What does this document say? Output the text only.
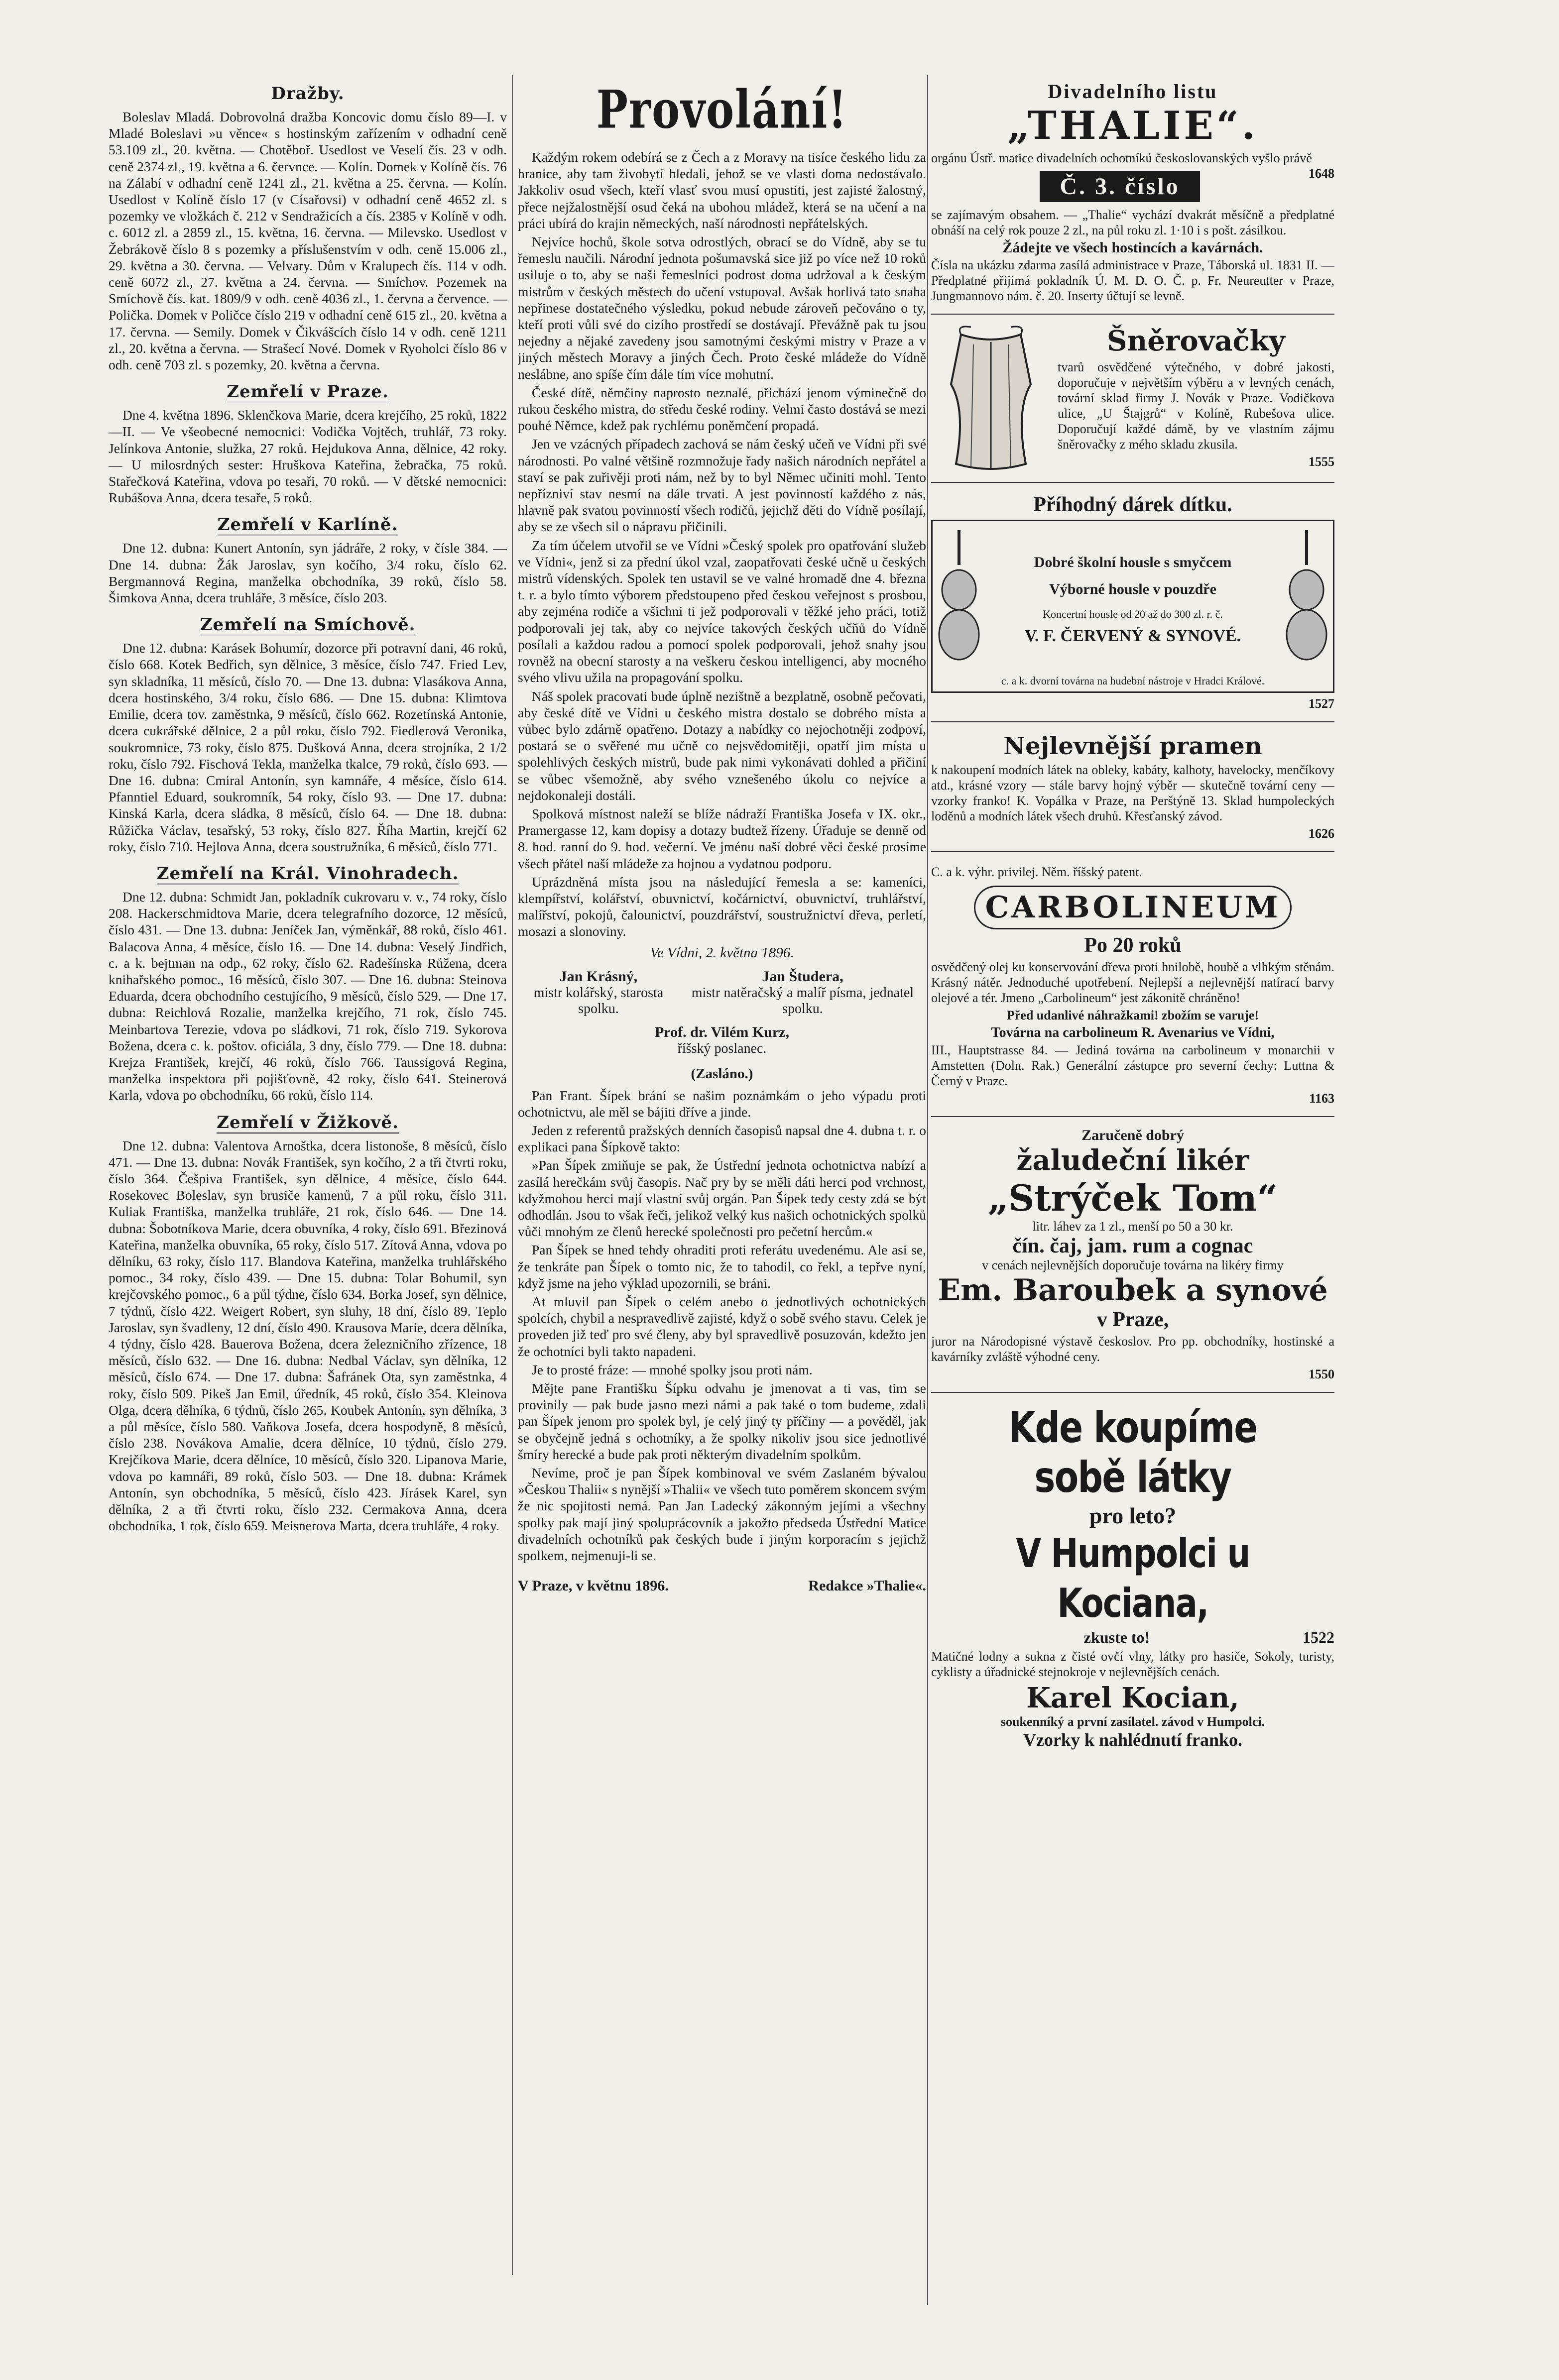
Dražby.

Boleslav Mladá. Dobrovolná dražba Koncovic domu číslo 89—I. v Mladé Boleslavi »u věnce« s hostinským zařízením v odhadní ceně 53.109 zl., 20. května. — Chotěboř. Usedlost ve Veselí čís. 23 v odh. ceně 2374 zl., 19. května a 6. červnce. — Kolín. Domek v Kolíně čís. 76 na Zálabí v odhadní ceně 1241 zl., 21. května a 25. června. — Kolín. Usedlost v Kolíně číslo 17 (v Císařovsi) v odhadní ceně 4652 zl. s pozemky ve vložkách č. 212 v Sendražicích a čís. 2385 v Kolíně v odh. c. 6012 zl. a 2859 zl., 15. května, 16. června. — Milevsko. Usedlost v Žebrákově číslo 8 s pozemky a příslušenstvím v odh. ceně 15.006 zl., 29. května a 30. června. — Velvary. Dům v Kralupech čís. 114 v odh. ceně 6072 zl., 27. května a 24. června. — Smíchov. Pozemek na Smíchově čís. kat. 1809/9 v odh. ceně 4036 zl., 1. června a července. — Polička. Domek v Poličce číslo 219 v odhadní ceně 615 zl., 20. května a 17. června. — Semily. Domek v Čikvášcích číslo 14 v odh. ceně 1211 zl., 20. května a června. — Strašecí Nové. Domek v Ryoholci číslo 86 v odh. ceně 703 zl. s pozemky, 20. května a června.

Zemřelí v Praze.

Dne 4. května 1896. Sklenčkova Marie, dcera krejčího, 25 roků, 1822—II. — Ve všeobecné nemocnici: Vodička Vojtěch, truhlář, 73 roky. Jelínkova Antonie, služka, 27 roků. Hejdukova Anna, dělnice, 42 roky. — U milosrdných sester: Hruškova Kateřina, žebračka, 75 roků. Stařečková Kateřina, vdova po tesaři, 70 roků. — V dětské nemocnici: Rubášova Anna, dcera tesaře, 5 roků.

Zemřelí v Karlíně.

Dne 12. dubna: Kunert Antonín, syn jádráře, 2 roky, v čísle 384. — Dne 14. dubna: Žák Jaroslav, syn kočího, 3/4 roku, číslo 62. Bergmannová Regina, manželka obchodníka, 39 roků, číslo 58. Šimkova Anna, dcera truhláře, 3 měsíce, číslo 203.

Zemřelí na Smíchově.

Dne 12. dubna: Karásek Bohumír, dozorce při potravní dani, 46 roků, číslo 668. Kotek Bedřich, syn dělnice, 3 měsíce, číslo 747. Fried Lev, syn skladníka, 11 měsíců, číslo 70. — Dne 13. dubna: Vlasákova Anna, dcera hostinského, 3/4 roku, číslo 686. — Dne 15. dubna: Klimtova Emilie, dcera tov. zaměstnka, 9 měsíců, číslo 662. Rozetínská Antonie, dcera cukrářské dělnice, 2 a půl roku, číslo 792. Fiedlerová Veronika, soukromnice, 73 roky, číslo 875. Dušková Anna, dcera strojníka, 2 1/2 roku, číslo 792. Fischová Tekla, manželka tkalce, 79 roků, číslo 693. — Dne 16. dubna: Cmiral Antonín, syn kamnáře, 4 měsíce, číslo 614. Pfanntiel Eduard, soukromník, 54 roky, číslo 93. — Dne 17. dubna: Kinská Karla, dcera sládka, 8 měsíců, číslo 64. — Dne 18. dubna: Růžička Václav, tesařský, 53 roky, číslo 827. Říha Martin, krejčí 62 roky, číslo 710. Hejlova Anna, dcera soustružníka, 6 měsíců, číslo 771.

Zemřelí na Král. Vinohradech.

Dne 12. dubna: Schmidt Jan, pokladník cukrovaru v. v., 74 roky, číslo 208. Hackerschmidtova Marie, dcera telegrafního dozorce, 12 měsíců, číslo 431. — Dne 13. dubna: Jeníček Jan, výměnkář, 88 roků, číslo 461. Balacova Anna, 4 měsíce, číslo 16. — Dne 14. dubna: Veselý Jindřich, c. a k. bejtman na odp., 62 roky, číslo 62. Radešínska Růžena, dcera knihařského pomoc., 16 měsíců, číslo 307. — Dne 16. dubna: Steinova Eduarda, dcera obchodního cestujícího, 9 měsíců, číslo 529. — Dne 17. dubna: Reichlová Rozalie, manželka krejčího, 71 rok, číslo 745. Meinbartova Terezie, vdova po sládkovi, 71 rok, číslo 719. Sykorova Božena, dcera c. k. poštov. oficiála, 3 dny, číslo 779. — Dne 18. dubna: Krejza František, krejčí, 46 roků, číslo 766. Taussigová Regina, manželka inspektora při pojišťovně, 42 roky, číslo 641. Steinerová Karla, vdova po obchodníku, 66 roků, číslo 114.

Zemřelí v Žižkově.

Dne 12. dubna: Valentova Arnoštka, dcera listonoše, 8 měsíců, číslo 471. — Dne 13. dubna: Novák František, syn kočího, 2 a tři čtvrti roku, číslo 364. Češpiva František, syn dělnice, 4 měsíce, číslo 644. Rosekovec Boleslav, syn brusiče kamenů, 7 a půl roku, číslo 311. Kuliak Františka, manželka truhláře, 21 rok, číslo 646. — Dne 14. dubna: Šobotníkova Marie, dcera obuvníka, 4 roky, číslo 691. Březinová Kateřina, manželka obuvníka, 65 roky, číslo 517. Zítová Anna, vdova po dělníku, 63 roky, číslo 117. Blandova Kateřina, manželka truhlářského pomoc., 34 roky, číslo 439. — Dne 15. dubna: Tolar Bohumil, syn krejčovského pomoc., 6 a půl týdne, číslo 634. Borka Josef, syn dělnice, 7 týdnů, číslo 422. Weigert Robert, syn sluhy, 18 dní, číslo 89. Teplo Jaroslav, syn švadleny, 12 dní, číslo 490. Krausova Marie, dcera dělníka, 4 týdny, číslo 428. Bauerova Božena, dcera železničního zřízence, 18 měsíců, číslo 632. — Dne 16. dubna: Nedbal Václav, syn dělníka, 12 měsíců, číslo 674. — Dne 17. dubna: Šafránek Ota, syn zaměstnka, 4 roky, číslo 509. Pikeš Jan Emil, úředník, 45 roků, číslo 354. Kleinova Olga, dcera dělníka, 6 týdnů, číslo 265. Koubek Antonín, syn dělníka, 3 a půl měsíce, číslo 580. Vaňkova Josefa, dcera hospodyně, 8 měsíců, číslo 238. Novákova Amalie, dcera dělníce, 10 týdnů, číslo 279. Krejčíkova Marie, dcera dělníce, 10 měsíců, číslo 320. Lipanova Marie, vdova po kamnáři, 89 roků, číslo 503. — Dne 18. dubna: Krámek Antonín, syn obchodníka, 5 měsíců, číslo 423. Jírásek Karel, syn dělníka, 2 a tři čtvrti roku, číslo 232. Cermakova Anna, dcera obchodníka, 1 rok, číslo 659. Meisnerova Marta, dcera truhláře, 4 roky.

Provolání!

Každým rokem odebírá se z Čech a z Moravy na tisíce českého lidu za hranice, aby tam živobytí hledali, jehož se ve vlasti doma nedostávalo. Jakkoliv osud všech, kteří vlasť svou musí opustiti, jest zajisté žalostný, přece nejžalostnější osud čeká na ubohou mládež, která se na učení a na práci ubírá do krajin německých, naší národnosti nepřátelských.

Nejvíce hochů, škole sotva odrostlých, obrací se do Vídně, aby se tu řemeslu naučili. Národní jednota pošumavská sice již po více než 10 roků usiluje o to, aby se naši řemeslníci podrost doma udržoval a k českým mistrům v českých městech do učení vstupoval. Avšak horlivá tato snaha nepřinese dostatečného výsledku, pokud nebude zároveň pečováno o ty, kteří proti vůli své do cizího prostředí se dostávají. Převážně pak tu jsou nejedny a nějaké zavedeny jsou samotnými českými mistry v Praze a v jiných městech Moravy a jiných Čech. Proto české mládeže do Vídně neslábne, ano spíše čím dále tím více mohutní.

České dítě, němčiny naprosto neznalé, přichází jenom výminečně do rukou českého mistra, do středu české rodiny. Velmi často dostává se mezi pouhé Němce, kdež pak rychlému poněmčení propadá.

Jen ve vzácných případech zachová se nám český učeň ve Vídni při své národnosti. Po valné většině rozmnožuje řady našich národních nepřátel a staví se pak zuřivěji proti nám, než by to byl Němec učiniti mohl. Tento nepřízniví stav nesmí na dále trvati. A jest povinností každého z nás, hlavně pak svatou povinností všech rodičů, jejichž děti do Vídně posílají, aby se ze všech sil o nápravu přičinili.

Za tím účelem utvořil se ve Vídni »Český spolek pro opatřování služeb ve Vídni«, jenž si za přední úkol vzal, zaopatřovati české učně u českých mistrů vídenských. Spolek ten ustavil se ve valné hromadě dne 4. března t. r. a bylo tímto výborem předstoupeno před českou veřejnost s prosbou, aby zejména rodiče a všichni ti jež podporovali v těžké jeho práci, totiž podporovali jej tak, aby co nejvíce takových českých učňů do Vídně posílali a každou radou a pomocí spolek podporovali, jehož snahy jsou rovněž na obecní starosty a na veškeru českou intelligenci, aby mocného svého vlivu užila na propagování spolku.

Náš spolek pracovati bude úplně nezištně a bezplatně, osobně pečovati, aby české dítě ve Vídni u českého mistra dostalo se dobrého místa a vůbec bylo zdárně opatřeno. Dotazy a nabídky co nejochotněji zodpoví, postará se o svěřené mu učně co nejsvědomitěji, opatří jim místa u spolehlivých českých mistrů, bude pak nimi vykonávati dohled a přičiní se vůbec všemožně, aby svého vznešeného úkolu co nejvíce a nejdokonaleji dostáli.

Spolková místnost naleží se blíže nádraží Františka Josefa v IX. okr., Pramergasse 12, kam dopisy a dotazy budtež řízeny. Úřaduje se denně od 8. hod. ranní do 9. hod. večerní. Ve jménu naší dobré věci české prosíme všech přátel naší mládeže za hojnou a vydatnou podporu.

Uprázdněná místa jsou na následující řemesla a se: kameníci, klempířství, kolářství, obuvnictví, kočárnictví, obuvnictví, truhlářství, malířství, pokojů, čalounictví, pouzdrářství, soustružnictví dřeva, perletí, mosazi a slonoviny.

Ve Vídni, 2. května 1896.
Jan Krásný,
mistr kolářský, starosta spolku.
Jan Študera,
mistr natěračský a malíř písma, jednatel spolku.
Prof. dr. Vilém Kurz,
říšský poslanec.
(Zasláno.)

Pan Frant. Šípek brání se našim poznámkám o jeho výpadu proti ochotnictvu, ale měl se bájiti dříve a jinde.

Jeden z referentů pražských denních časopisů napsal dne 4. dubna t. r. o explikaci pana Šípkově takto:

»Pan Šípek zmiňuje se pak, že Ústřední jednota ochotnictva nabízí a zasílá herečkám svůj časopis. Nač pry by se měli dáti herci pod vrchnost, kdyžmohou herci mají vlastní svůj orgán. Pan Šípek tedy cesty zdá se být odhodlán. Jsou to však řeči, jelikož velký kus našich ochotnických spolků vůči mnohým ze členů herecké společnosti pro pečetní hercům.«

Pan Šípek se hned tehdy ohraditi proti referátu uvedenému. Ale asi se, že tenkráte pan Šípek o tomto nic, že to tahodil, co řekl, a tepřve nyní, když jsme na jeho výklad upozornili, se bráni.

At mluvil pan Šípek o celém anebo o jednotlivých ochotnických spolcích, chybil a nespravedlivě zajisté, když o sobě svého stavu. Celek je proveden již teď pro své členy, aby byl spravedlivě posuzován, kdežto jen že ochotníci byli takto napadeni.

Je to prosté fráze: — mnohé spolky jsou proti nám.

Mějte pane Františku Šípku odvahu je jmenovat a ti vas, tim se provinily — pak bude jasno mezi námi a pak také o tom budeme, zdali pan Šípek jenom pro spolek byl, je celý jiný ty příčiny — a pověděl, jak se obyčejně jedná s ochotníky, a že spolky nikoliv jsou sice jednotlivé šmíry herecké a bude pak proti některým divadelním spolkům.

Nevíme, proč je pan Šípek kombinoval ve svém Zaslaném bývalou »Českou Thalii« s nynější »Thalii« ve všech tuto poměrem skoncem svým že nic spojitosti nemá. Pan Jan Ladecký zákonným jejími a všechny spolky pak mají jiný spoluprácovník a jakožto předseda Ústřední Matice divadelních ochotníků pak českých bude i jiným korporacím s jejichž spolkem, nejmenuji-li se.

V Praze, v květnu 1896.	Redakce »Thalie«.
Divadelního listu
„THALIE“.

orgánu Ústř. matice divadelních ochotníků českoslovanských vyšlo právě
1648

Č. 3. číslo

se zajímavým obsahem. — „Thalie“ vychází dvakrát měsíčně a předplatné obnáší na celý rok pouze 2 zl., na půl roku zl. 1·10 i s pošt. zásilkou.

Žádejte ve všech hostincích a kavárnách.

Čísla na ukázku zdarma zasílá administrace v Praze, Táborská ul. 1831 II. — Předplatné přijímá pokladník Ú. M. D. O. Č. p. Fr. Neureutter v Praze, Jungmannovo nám. č. 20. Inserty účtují se levně.

Šněrovačky

tvarů osvědčené výtečného, v dobré jakosti, doporučuje v největším výběru a v levných cenách, tovární sklad firmy J. Novák v Praze. Vodičkova ulice, „U Štajgrů“ v Kolíně, Rubešova ulice. Doporučují každé dámě, by ve vlastním zájmu šněrovačky z mého skladu zkusila.

1555

Příhodný dárek dítku.
Dobré školní housle s smyčcem
Výborné housle v pouzdře
Koncertní housle od 20 až do 300 zl. r. č.
V. F. ČERVENÝ & SYNOVÉ.
c. a k. dvorní továrna na hudební nástroje v Hradci Králové.

1527

Nejlevnější pramen

k nakoupení modních látek na obleky, kabáty, kalhoty, havelocky, menčíkovy atd., krásné vzory — stále barvy hojný výběr — skutečně tovární ceny — vzorky franko! K. Vopálka v Praze, na Perštýně 13. Sklad humpoleckých loděnů a modních látek všech druhů. Křesťanský závod.

1626

C. a k. výhr. privilej. Něm. říšský patent.

CARBOLINEUM
Po 20 roků

osvědčený olej ku konservování dřeva proti hnilobě, houbě a vlhkým stěnám. Krásný nátěr. Jednoduché upotřebení. Nejlepší a nejlevnější natírací barvy olejové a tér. Jmeno „Carbolineum“ jest zákonitě chráněno!

Před udanlivé náhražkami! zbožím se varuje!

Továrna na carbolineum R. Avenarius ve Vídni,

III., Hauptstrasse 84. — Jediná továrna na carbolineum v monarchii v Amstetten (Doln. Rak.) Generální zástupce pro severní čechy: Luttna & Černý v Praze.

1163

Zaručeně dobrý
žaludeční likér
„Strýček Tom“
litr. láhev za 1 zl., menší po 50 a 30 kr.
čín. čaj, jam. rum a cognac
v cenách nejlevnějších doporučuje továrna na likéry firmy
Em. Baroubek a synové
v Praze,

juror na Národopisné výstavě českoslov. Pro pp. obchodníky, hostinské a kavárníky zvláště výhodné ceny.

1550

Kde koupíme sobě látky
pro leto?
V Humpolci u Kociana,
zkuste to!	1522

Matičné lodny a sukna z čisté ovčí vlny, látky pro hasiče, Sokoly, turisty, cyklisty a úřadnické stejnokroje v nejlevnějších cenách.

Karel Kocian,
soukenníký a první zasílatel. závod v Humpolci.
Vzorky k nahlédnutí franko.
